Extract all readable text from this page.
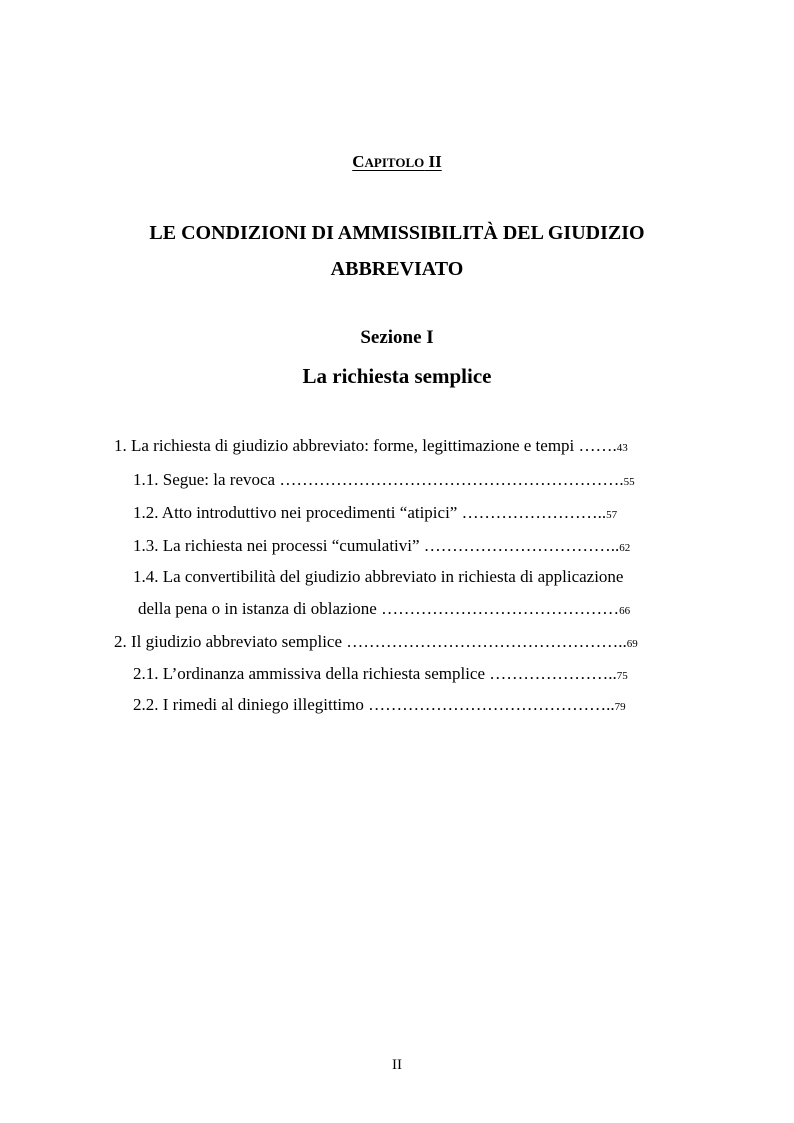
CAPITOLO II
LE CONDIZIONI DI AMMISSIBILITÀ DEL GIUDIZIO
ABBREVIATO
Sezione I
La richiesta semplice
1. La richiesta di giudizio abbreviato: forme, legittimazione e tempi …….43
1.1. Segue: la revoca …………………………………………………….55
1.2. Atto introduttivo nei procedimenti “atipici” ……………………..57
1.3. La richiesta nei processi “cumulativi” ……………………………..62
1.4. La convertibilità del giudizio abbreviato in richiesta di applicazione
della pena o in istanza di oblazione ……………………………………66
2. Il giudizio abbreviato semplice …………………………………………..69
2.1. L’ordinanza ammissiva della richiesta semplice …………………..75
2.2. I rimedi al diniego illegittimo ……………………………………..79
II
